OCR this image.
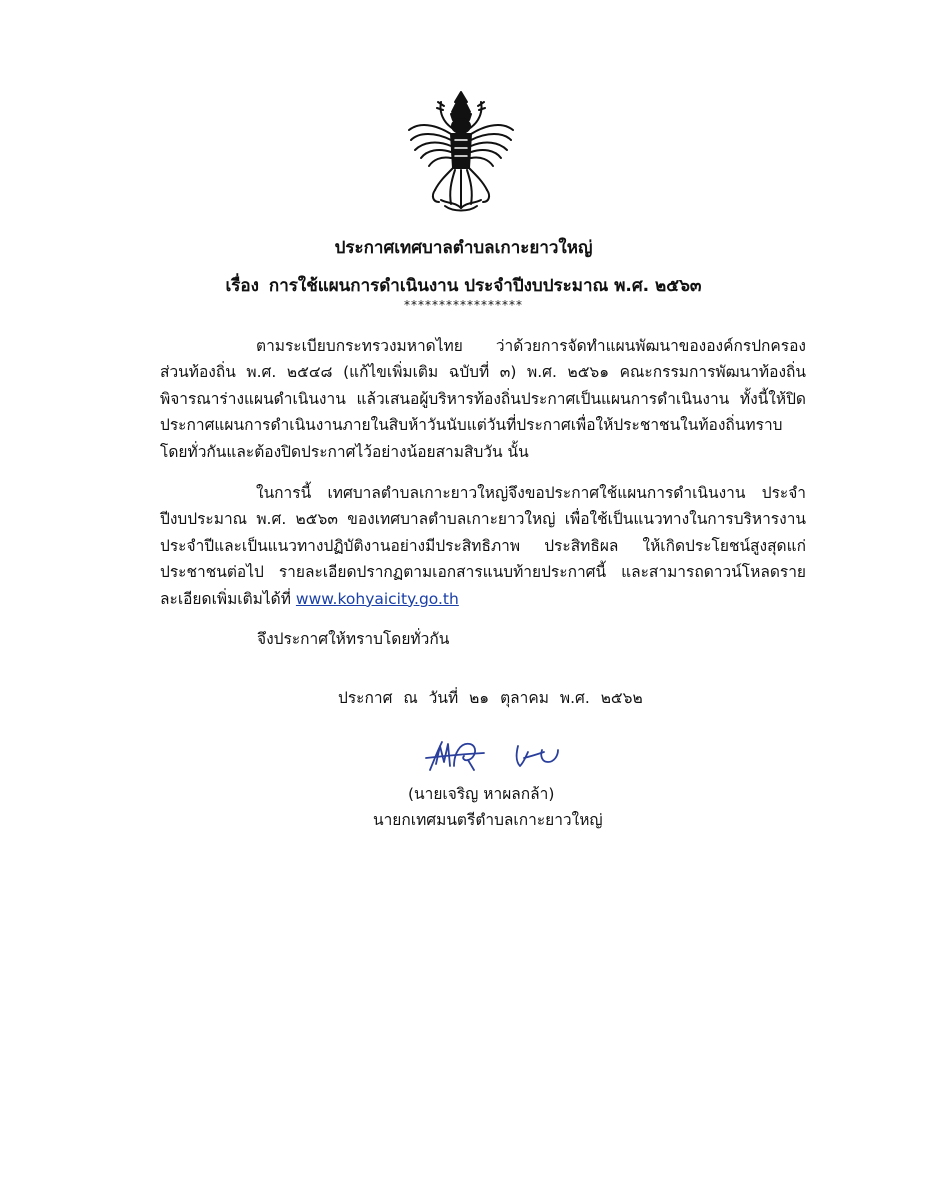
ประกาศเทศบาลตำบลเกาะยาวใหญ่
เรื่อง การใช้แผนการดำเนินงาน ประจำปีงบประมาณ พ.ศ. ๒๕๖๓
*****************

ตามระเบียบกระทรวงมหาดไทย ว่าด้วยการจัดทำแผนพัฒนาขององค์กรปกครองส่วนท้องถิ่น พ.ศ. ๒๕๔๘ (แก้ไขเพิ่มเติม ฉบับที่ ๓) พ.ศ. ๒๕๖๑ คณะกรรมการพัฒนาท้องถิ่นพิจารณาร่างแผนดำเนินงาน แล้วเสนอผู้บริหารท้องถิ่นประกาศเป็นแผนการดำเนินงาน ทั้งนี้ให้ปิดประกาศแผนการดำเนินงานภายในสิบห้าวันนับแต่วันที่ประกาศเพื่อให้ประชาชนในท้องถิ่นทราบโดยทั่วกันและต้องปิดประกาศไว้อย่างน้อยสามสิบวัน นั้น

ในการนี้ เทศบาลตำบลเกาะยาวใหญ่จึงขอประกาศใช้แผนการดำเนินงาน ประจำปีงบประมาณ พ.ศ. ๒๕๖๓ ของเทศบาลตำบลเกาะยาวใหญ่ เพื่อใช้เป็นแนวทางในการบริหารงานประจำปีและเป็นแนวทางปฏิบัติงานอย่างมีประสิทธิภาพ ประสิทธิผล ให้เกิดประโยชน์สูงสุดแก่ประชาชนต่อไป รายละเอียดปรากฏตามเอกสารแนบท้ายประกาศนี้ และสามารถดาวน์โหลดรายละเอียดเพิ่มเติมได้ที่ www.kohyaicity.go.th

จึงประกาศให้ทราบโดยทั่วกัน
ประกาศ ณ วันที่ ๒๑ ตุลาคม พ.ศ. ๒๕๖๒
(นายเจริญ หาผลกล้า)
นายกเทศมนตรีตำบลเกาะยาวใหญ่
